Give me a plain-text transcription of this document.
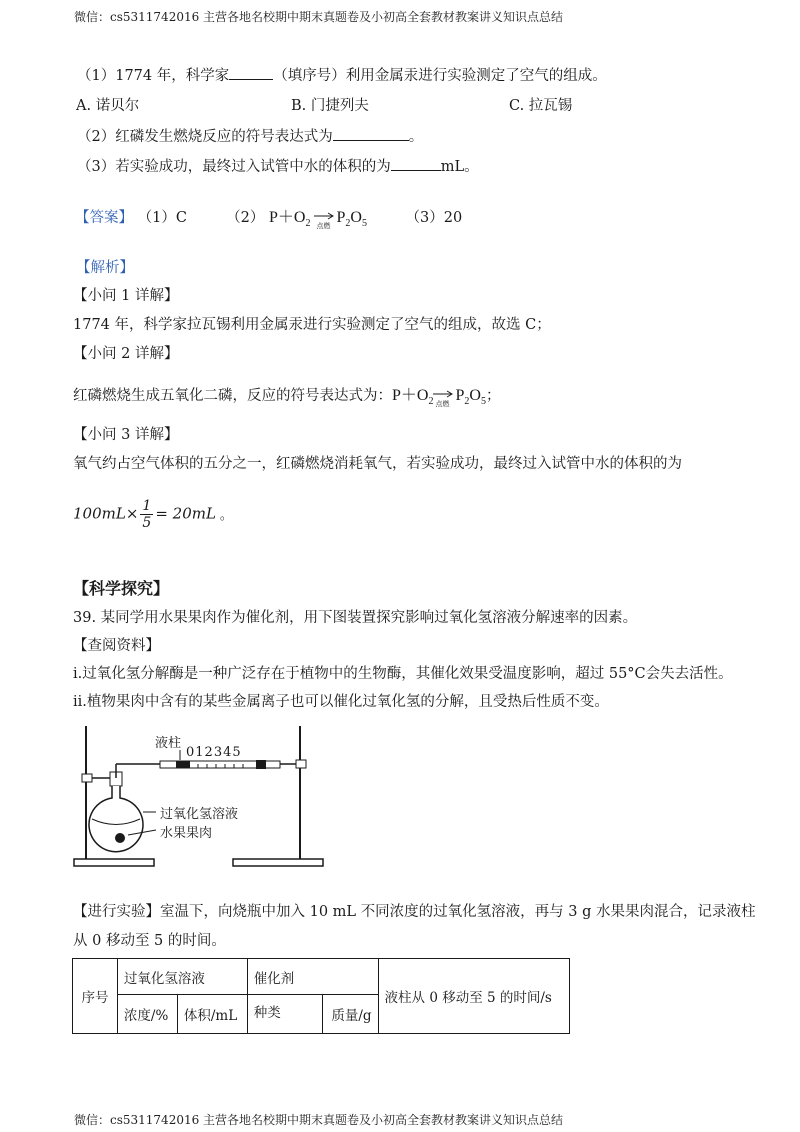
微信：cs5311742016 主营各地名校期中期末真题卷及小初高全套教材教案讲义知识点总结
（1）1774 年，科学家	（填序号）利用金属汞进行实验测定了空气的组成。
A. 诺贝尔	B. 门捷列夫	C. 拉瓦锡
（2）红磷发生燃烧反应的符号表达式为	。
（3）若实验成功，最终过入试管中水的体积的为	mL。
【答案】 （1）C	（2） $P+O_2$ 点燃 $P_2O_5$	（3）20
【解析】
【小问 1 详解】
1774 年，科学家拉瓦锡利用金属汞进行实验测定了空气的组成，故选 C；
【小问 2 详解】
红磷燃烧生成五氧化二磷，反应的符号表达式为：$P+O_2$ 点燃 $P_2O_5$；
【小问 3 详解】
氧气约占空气体积的五分之一，红磷燃烧消耗氧气，若实验成功，最终过入试管中水的体积的为
$100mL\times \frac{1}{5} = 20mL$ 。
【科学探究】
39. 某同学用水果果肉作为催化剂，用下图装置探究影响过氧化氢溶液分解速率的因素。
【查阅资料】
i.过氧化氢分解酶是一种广泛存在于植物中的生物酶，其催化效果受温度影响，超过 55°C会失去活性。
ii.植物果肉中含有的某些金属离子也可以催化过氧化氢的分解，且受热后性质不变。
液柱
012345
过氧化氢溶液
水果果肉
【进行实验】室温下，向烧瓶中加入 10 mL 不同浓度的过氧化氢溶液，再与 3 g 水果果肉混合，记录液柱
从 0 移动至 5 的时间。
序号	过氧化氢溶液		催化剂		液柱从 0 移动至 5 的时间/s
	浓度/%	体积/mL	种类	质量/g	
微信：cs5311742016 主营各地名校期中期末真题卷及小初高全套教材教案讲义知识点总结
